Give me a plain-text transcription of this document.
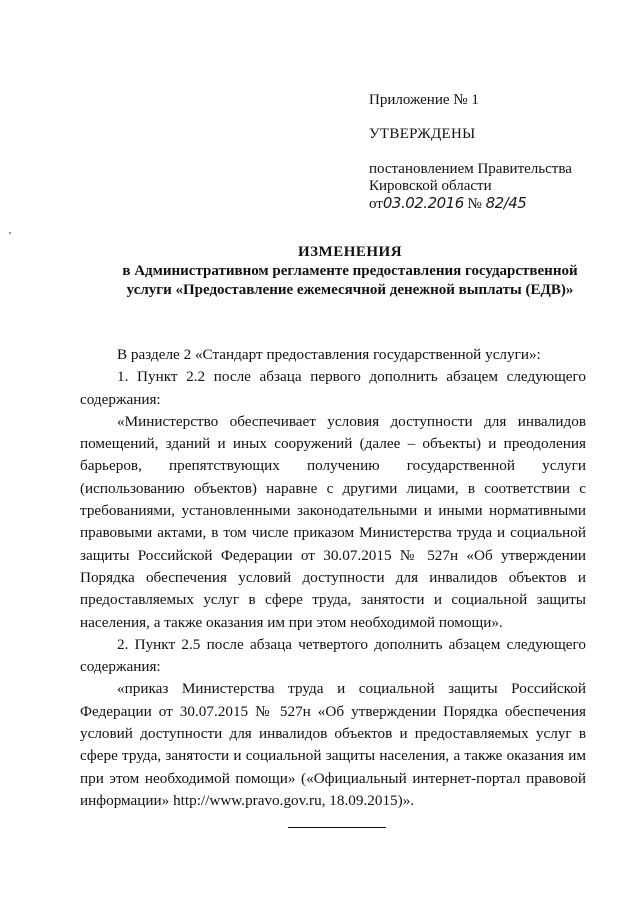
Приложение № 1

УТВЕРЖДЕНЫ

постановлением Правительства

Кировской области

от03.02.2016 № 82/45

ИЗМЕНЕНИЯ

в Административном регламенте предоставления государственной услуги «Предоставление ежемесячной денежной выплаты (ЕДВ)»

В разделе 2 «Стандарт предоставления государственной услуги»:

1. Пункт 2.2 после абзаца первого дополнить абзацем следующего содержания:

«Министерство обеспечивает условия доступности для инвалидов помещений, зданий и иных сооружений (далее – объекты) и преодоления барьеров, препятствующих получению государственной услуги (использованию объектов) наравне с другими лицами, в соответствии с требованиями, установленными законодательными и иными нормативными правовыми актами, в том числе приказом Министерства труда и социальной защиты Российской Федерации от 30.07.2015 № 527н «Об утверждении Порядка обеспечения условий доступности для инвалидов объектов и предоставляемых услуг в сфере труда, занятости и социальной защиты населения, а также оказания им при этом необходимой помощи».

2. Пункт 2.5 после абзаца четвертого дополнить абзацем следующего содержания:

«приказ Министерства труда и социальной защиты Российской Федерации от 30.07.2015 № 527н «Об утверждении Порядка обеспечения условий доступности для инвалидов объектов и предоставляемых услуг в сфере труда, занятости и социальной защиты населения, а также оказания им при этом необходимой помощи» («Официальный интернет-портал правовой информации» http://www.pravo.gov.ru, 18.09.2015)».
